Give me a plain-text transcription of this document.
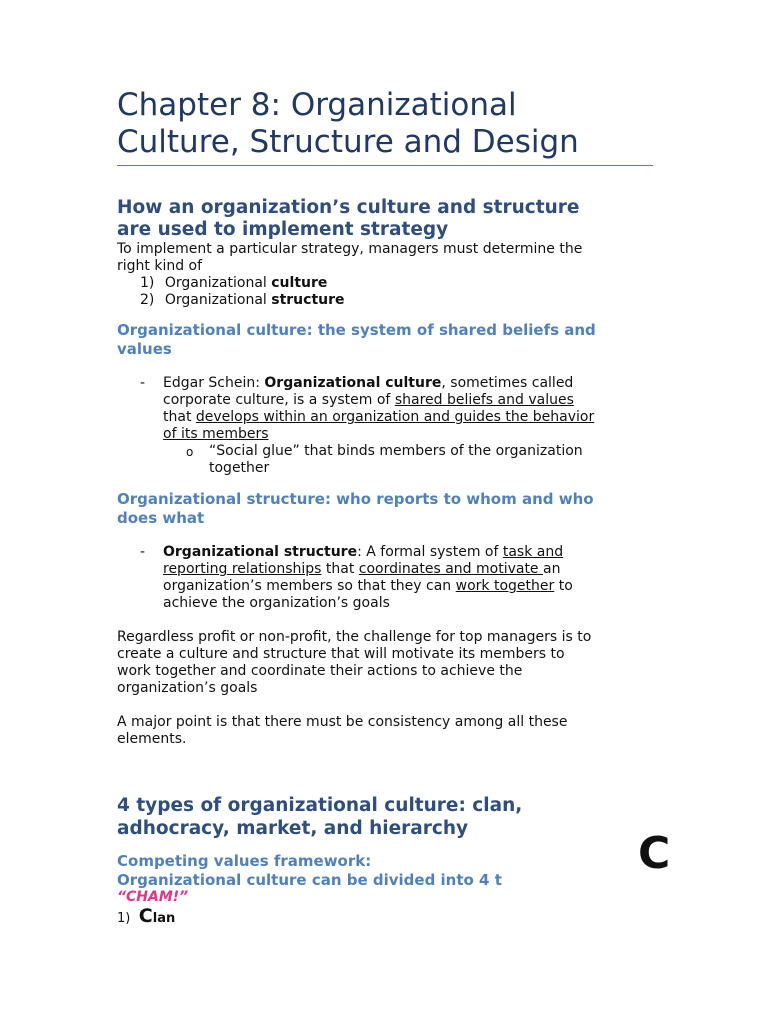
Chapter 8: Organizational
Culture, Structure and Design
How an organization’s culture and structure
are used to implement strategy
To implement a particular strategy, managers must determine the
right kind of
1) Organizational culture
2) Organizational structure
Organizational culture: the system of shared beliefs and
values
- Edgar Schein: Organizational culture, sometimes called
corporate culture, is a system of shared beliefs and values
that develops within an organization and guides the behavior
of its members
o “Social glue” that binds members of the organization
together
Organizational structure: who reports to whom and who
does what
- Organizational structure: A formal system of task and
reporting relationships that coordinates and motivate an
organization’s members so that they can work together to
achieve the organization’s goals
Regardless profit or non-profit, the challenge for top managers is to
create a culture and structure that will motivate its members to
work together and coordinate their actions to achieve the
organization’s goals
A major point is that there must be consistency among all these
elements.
4 types of organizational culture: clan,
adhocracy, market, and hierarchy
Competing values framework:
Organizational culture can be divided into 4 t
“CHAM!”
C
1) Clan
